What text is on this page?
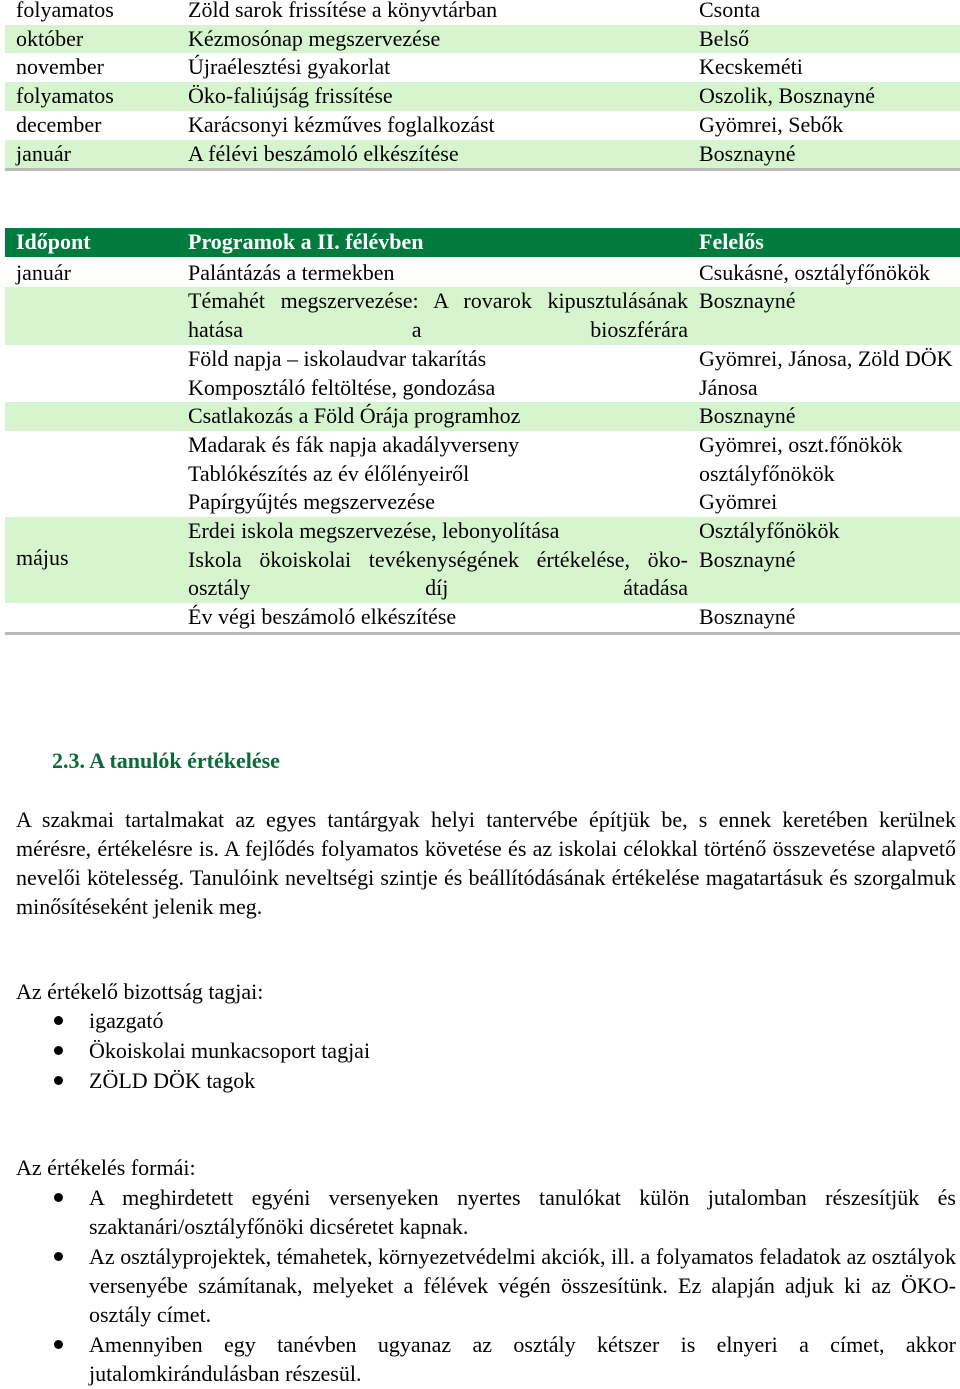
folyamatos	Zöld sarok frissítése a könyvtárban	Csonta
október	Kézmosónap megszervezése	Belső
november	Újraélesztési gyakorlat	Kecskeméti
folyamatos	Öko-faliújság frissítése	Oszolik, Bosznayné
december	Karácsonyi kézműves foglalkozást	Gyömrei, Sebők
január	A félévi beszámoló elkészítése	Bosznayné
Időpont	Programok a II. félévben	Felelős
január	Palántázás a termekben	Csukásné, osztályfőnökök
	Témahét megszervezése: A rovarok kipusztulásának hatása a bioszférára	Bosznayné
	Föld napja – iskolaudvar takarítás	Gyömrei, Jánosa, Zöld DÖK
	Komposztáló feltöltése, gondozása	Jánosa
	Csatlakozás a Föld Órája programhoz	Bosznayné
	Madarak és fák napja akadályverseny	Gyömrei, oszt.főnökök
	Tablókészítés az év élőlényeiről	osztályfőnökök
	Papírgyűjtés megszervezése	Gyömrei
május	Erdei iskola megszervezése, lebonyolítása	Osztályfőnökök
	Iskola ökoiskolai tevékenységének értékelése, öko-osztály díj átadása	Bosznayné
	Év végi beszámoló elkészítése	Bosznayné
2.3. A tanulók értékelése

A szakmai tartalmakat az egyes tantárgyak helyi tantervébe építjük be, s ennek keretében kerülnek mérésre, értékelésre is. A fejlődés folyamatos követése és az iskolai célokkal történő összevetése alapvető nevelői kötelesség. Tanulóink neveltségi szintje és beállítódásának értékelése magatartásuk és szorgalmuk minősítéseként jelenik meg.

Az értékelő bizottság tagjai:

igazgató
Ökoiskolai munkacsoport tagjai
ZÖLD DÖK tagok

Az értékelés formái:

A meghirdetett egyéni versenyeken nyertes tanulókat külön jutalomban részesítjük és szaktanári/osztályfőnöki dicséretet kapnak.
Az osztályprojektek, témahetek, környezetvédelmi akciók, ill. a folyamatos feladatok az osztályok versenyébe számítanak, melyeket a félévek végén összesítünk. Ez alapján adjuk ki az ÖKO-osztály címet.
Amennyiben egy tanévben ugyanaz az osztály kétszer is elnyeri a címet, akkor jutalomkirándulásban részesül.
